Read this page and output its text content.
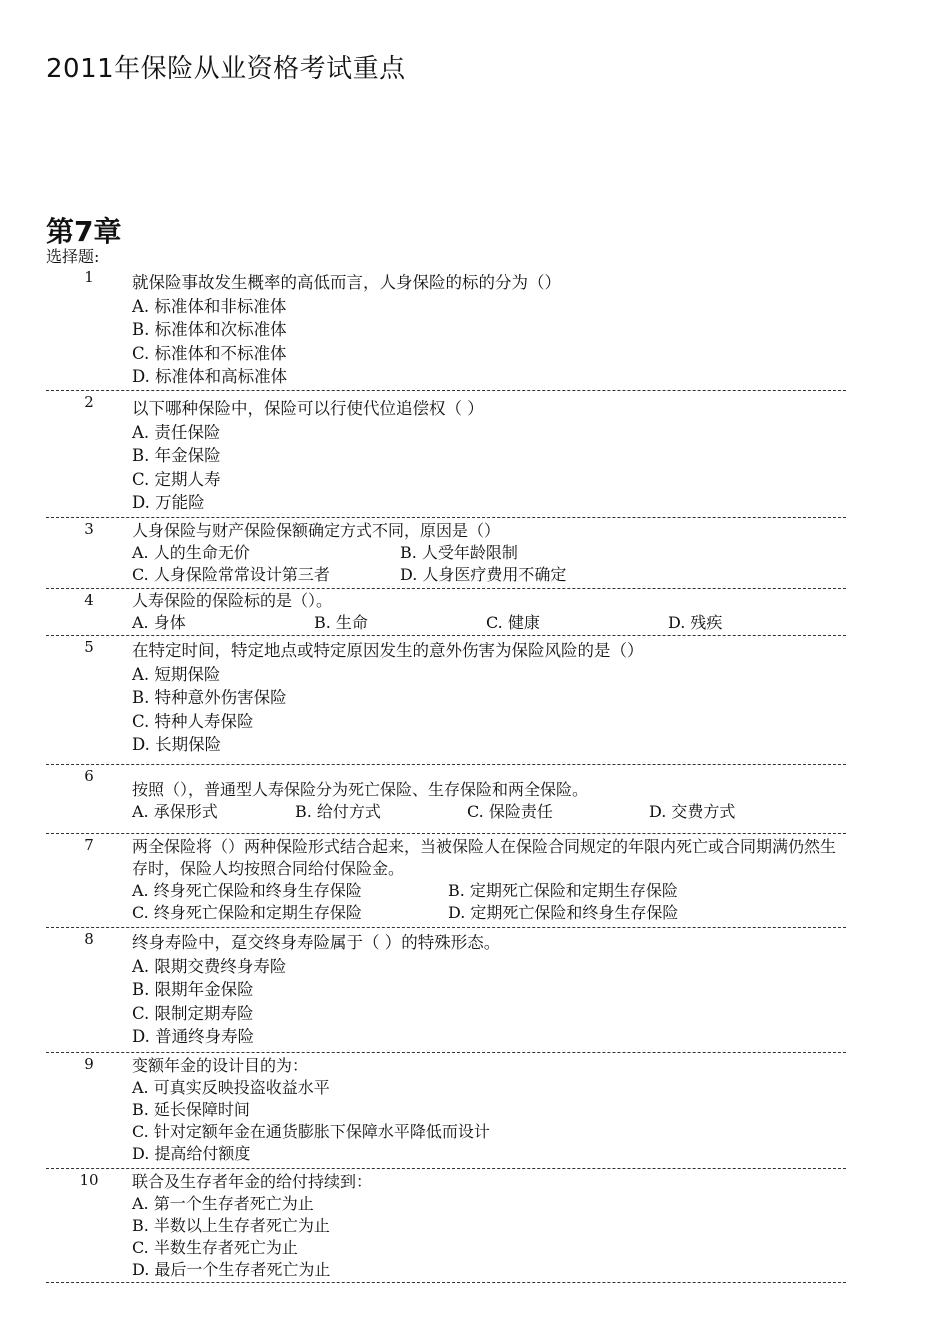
2011年保险从业资格考试重点
第7章
选择题:
1	就保险事故发生概率的高低而言，人身保险的标的分为（）
A. 标准体和非标准体
B. 标准体和次标准体
C. 标准体和不标准体
D. 标准体和高标准体
2	以下哪种保险中，保险可以行使代位追偿权（ ）
A. 责任保险
B. 年金保险
C. 定期人寿
D. 万能险
3	人身保险与财产保险保额确定方式不同，原因是（）
A. 人的生命无价	B. 人受年龄限制
C. 人身保险常常设计第三者	D. 人身医疗费用不确定
4	人寿保险的保险标的是（）。
A. 身体	B. 生命	C. 健康	D. 残疾
5	在特定时间，特定地点或特定原因发生的意外伤害为保险风险的是（）
A. 短期保险
B. 特种意外伤害保险
C. 特种人寿保险
D. 长期保险
6
按照（），普通型人寿保险分为死亡保险、生存保险和两全保险。
A. 承保形式	B. 给付方式	C. 保险责任	D. 交费方式
7	两全保险将（）两种保险形式结合起来，当被保险人在保险合同规定的年限内死亡或合同期满仍然生存时，保险人均按照合同给付保险金。
A. 终身死亡保险和终身生存保险	B. 定期死亡保险和定期生存保险
C. 终身死亡保险和定期生存保险	D. 定期死亡保险和终身生存保险
8	终身寿险中，趸交终身寿险属于（ ）的特殊形态。
A. 限期交费终身寿险
B. 限期年金保险
C. 限制定期寿险
D. 普通终身寿险
9	变额年金的设计目的为：
A. 可真实反映投盗收益水平
B. 延长保障时间
C. 针对定额年金在通货膨胀下保障水平降低而设计
D. 提高给付额度
10	联合及生存者年金的给付持续到：
A. 第一个生存者死亡为止
B. 半数以上生存者死亡为止
C. 半数生存者死亡为止
D. 最后一个生存者死亡为止
